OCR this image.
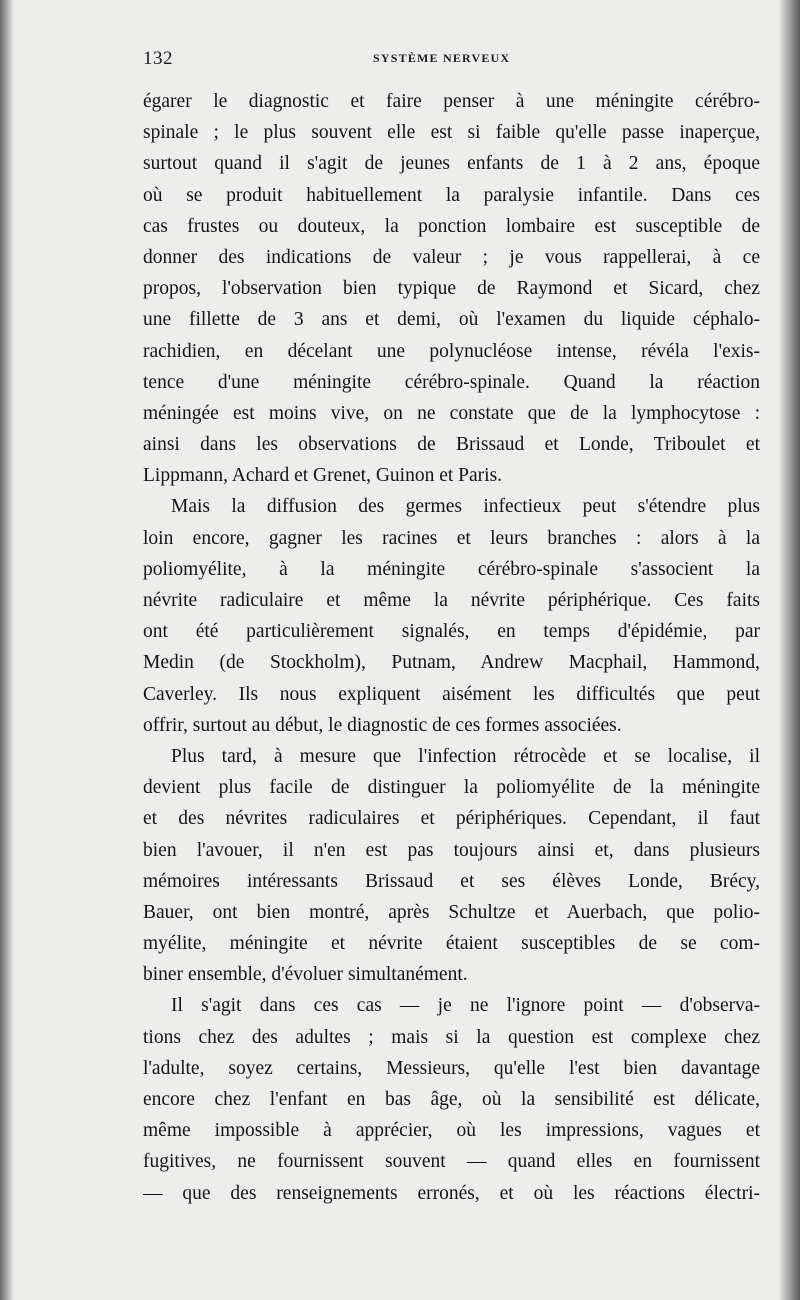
132	SYSTÈME NERVEUX
égarer le diagnostic et faire penser à une méningite cérébro-
spinale ; le plus souvent elle est si faible qu'elle passe inaperçue,
surtout quand il s'agit de jeunes enfants de 1 à 2 ans, époque
où se produit habituellement la paralysie infantile. Dans ces
cas frustes ou douteux, la ponction lombaire est susceptible de
donner des indications de valeur ; je vous rappellerai, à ce
propos, l'observation bien typique de Raymond et Sicard, chez
une fillette de 3 ans et demi, où l'examen du liquide céphalo-
rachidien, en décelant une polynucléose intense, révéla l'exis-
tence d'une méningite cérébro-spinale. Quand la réaction
méningée est moins vive, on ne constate que de la lymphocytose :
ainsi dans les observations de Brissaud et Londe, Triboulet et
Lippmann, Achard et Grenet, Guinon et Paris.
Mais la diffusion des germes infectieux peut s'étendre plus
loin encore, gagner les racines et leurs branches : alors à la
poliomyélite, à la méningite cérébro-spinale s'associent la
névrite radiculaire et même la névrite périphérique. Ces faits
ont été particulièrement signalés, en temps d'épidémie, par
Medin (de Stockholm), Putnam, Andrew Macphail, Hammond,
Caverley. Ils nous expliquent aisément les difficultés que peut
offrir, surtout au début, le diagnostic de ces formes associées.
Plus tard, à mesure que l'infection rétrocède et se localise, il
devient plus facile de distinguer la poliomyélite de la méningite
et des névrites radiculaires et périphériques. Cependant, il faut
bien l'avouer, il n'en est pas toujours ainsi et, dans plusieurs
mémoires intéressants Brissaud et ses élèves Londe, Brécy,
Bauer, ont bien montré, après Schultze et Auerbach, que polio-
myélite, méningite et névrite étaient susceptibles de se com-
biner ensemble, d'évoluer simultanément.
Il s'agit dans ces cas — je ne l'ignore point — d'observa-
tions chez des adultes ; mais si la question est complexe chez
l'adulte, soyez certains, Messieurs, qu'elle l'est bien davantage
encore chez l'enfant en bas âge, où la sensibilité est délicate,
même impossible à apprécier, où les impressions, vagues et
fugitives, ne fournissent souvent — quand elles en fournissent
— que des renseignements erronés, et où les réactions électri-
